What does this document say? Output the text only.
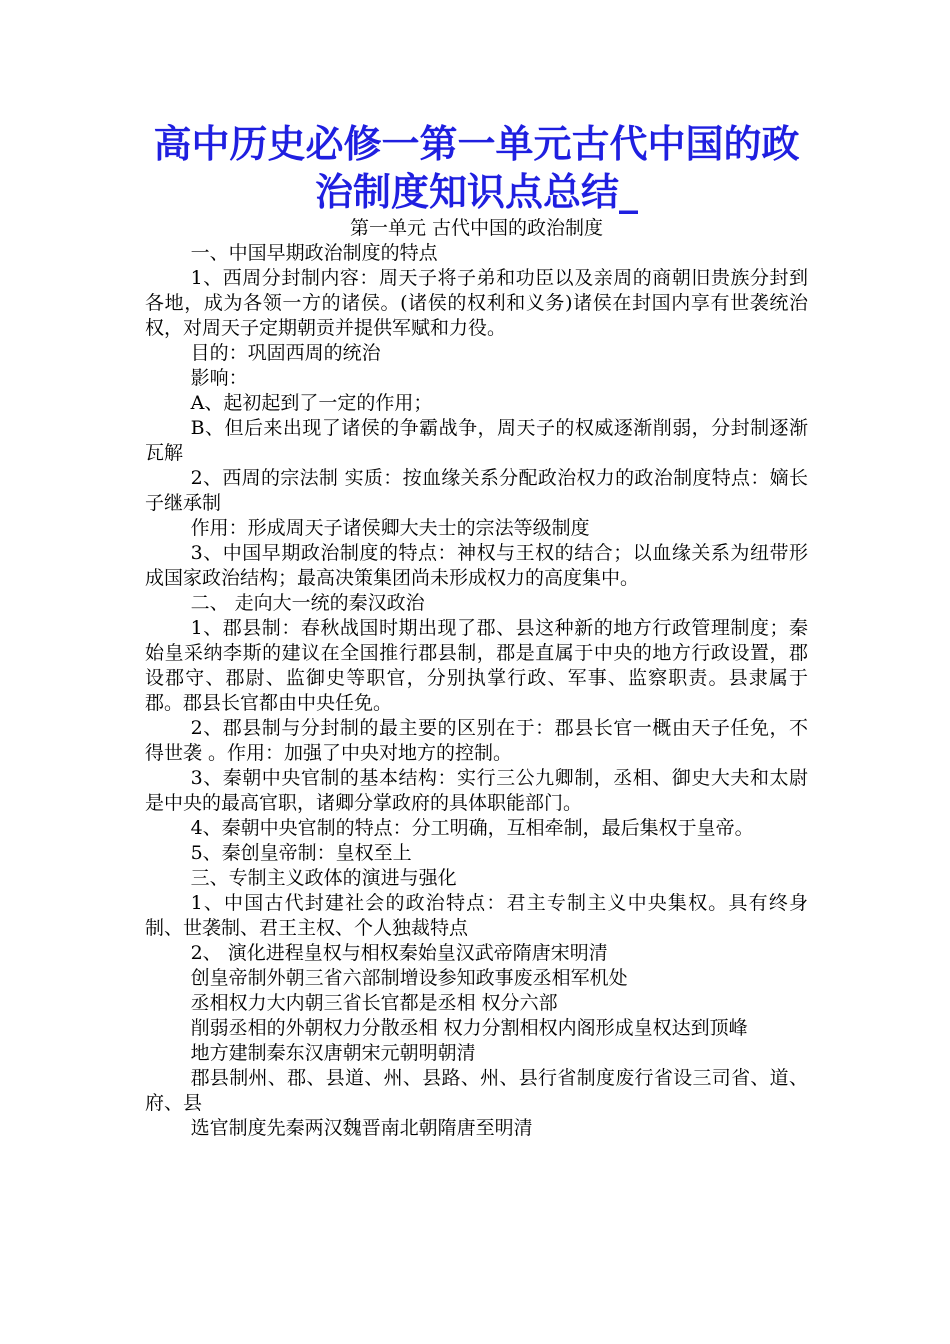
高中历史必修一第一单元古代中国的政治制度知识点总结_

第一单元 古代中国的政治制度

一、中国早期政治制度的特点

1、西周分封制内容：周天子将子弟和功臣以及亲周的商朝旧贵族分封到各地，成为各领一方的诸侯。(诸侯的权利和义务)诸侯在封国内享有世袭统治权，对周天子定期朝贡并提供军赋和力役。

目的：巩固西周的统治

影响：

A、起初起到了一定的作用；

B、但后来出现了诸侯的争霸战争，周天子的权威逐渐削弱，分封制逐渐瓦解

2、西周的宗法制 实质：按血缘关系分配政治权力的政治制度特点：嫡长子继承制

作用：形成周天子诸侯卿大夫士的宗法等级制度

3、中国早期政治制度的特点：神权与王权的结合；以血缘关系为纽带形成国家政治结构；最高决策集团尚未形成权力的高度集中。

二、 走向大一统的秦汉政治

1、郡县制：春秋战国时期出现了郡、县这种新的地方行政管理制度；秦始皇采纳李斯的建议在全国推行郡县制，郡是直属于中央的地方行政设置，郡设郡守、郡尉、监御史等职官，分别执掌行政、军事、监察职责。县隶属于郡。郡县长官都由中央任免。

2、郡县制与分封制的最主要的区别在于：郡县长官一概由天子任免，不得世袭 。作用：加强了中央对地方的控制。

3、秦朝中央官制的基本结构：实行三公九卿制，丞相、御史大夫和太尉是中央的最高官职，诸卿分掌政府的具体职能部门。

4、秦朝中央官制的特点：分工明确，互相牵制，最后集权于皇帝。

5、秦创皇帝制：皇权至上

三、专制主义政体的演进与强化

1、中国古代封建社会的政治特点：君主专制主义中央集权。具有终身制、世袭制、君王主权、个人独裁特点

2、 演化进程皇权与相权秦始皇汉武帝隋唐宋明清

创皇帝制外朝三省六部制增设参知政事废丞相军机处

丞相权力大内朝三省长官都是丞相 权分六部

削弱丞相的外朝权力分散丞相 权力分割相权内阁形成皇权达到顶峰

地方建制秦东汉唐朝宋元朝明朝清

郡县制州、郡、县道、州、县路、州、县行省制度废行省设三司省、道、府、县

选官制度先秦两汉魏晋南北朝隋唐至明清
